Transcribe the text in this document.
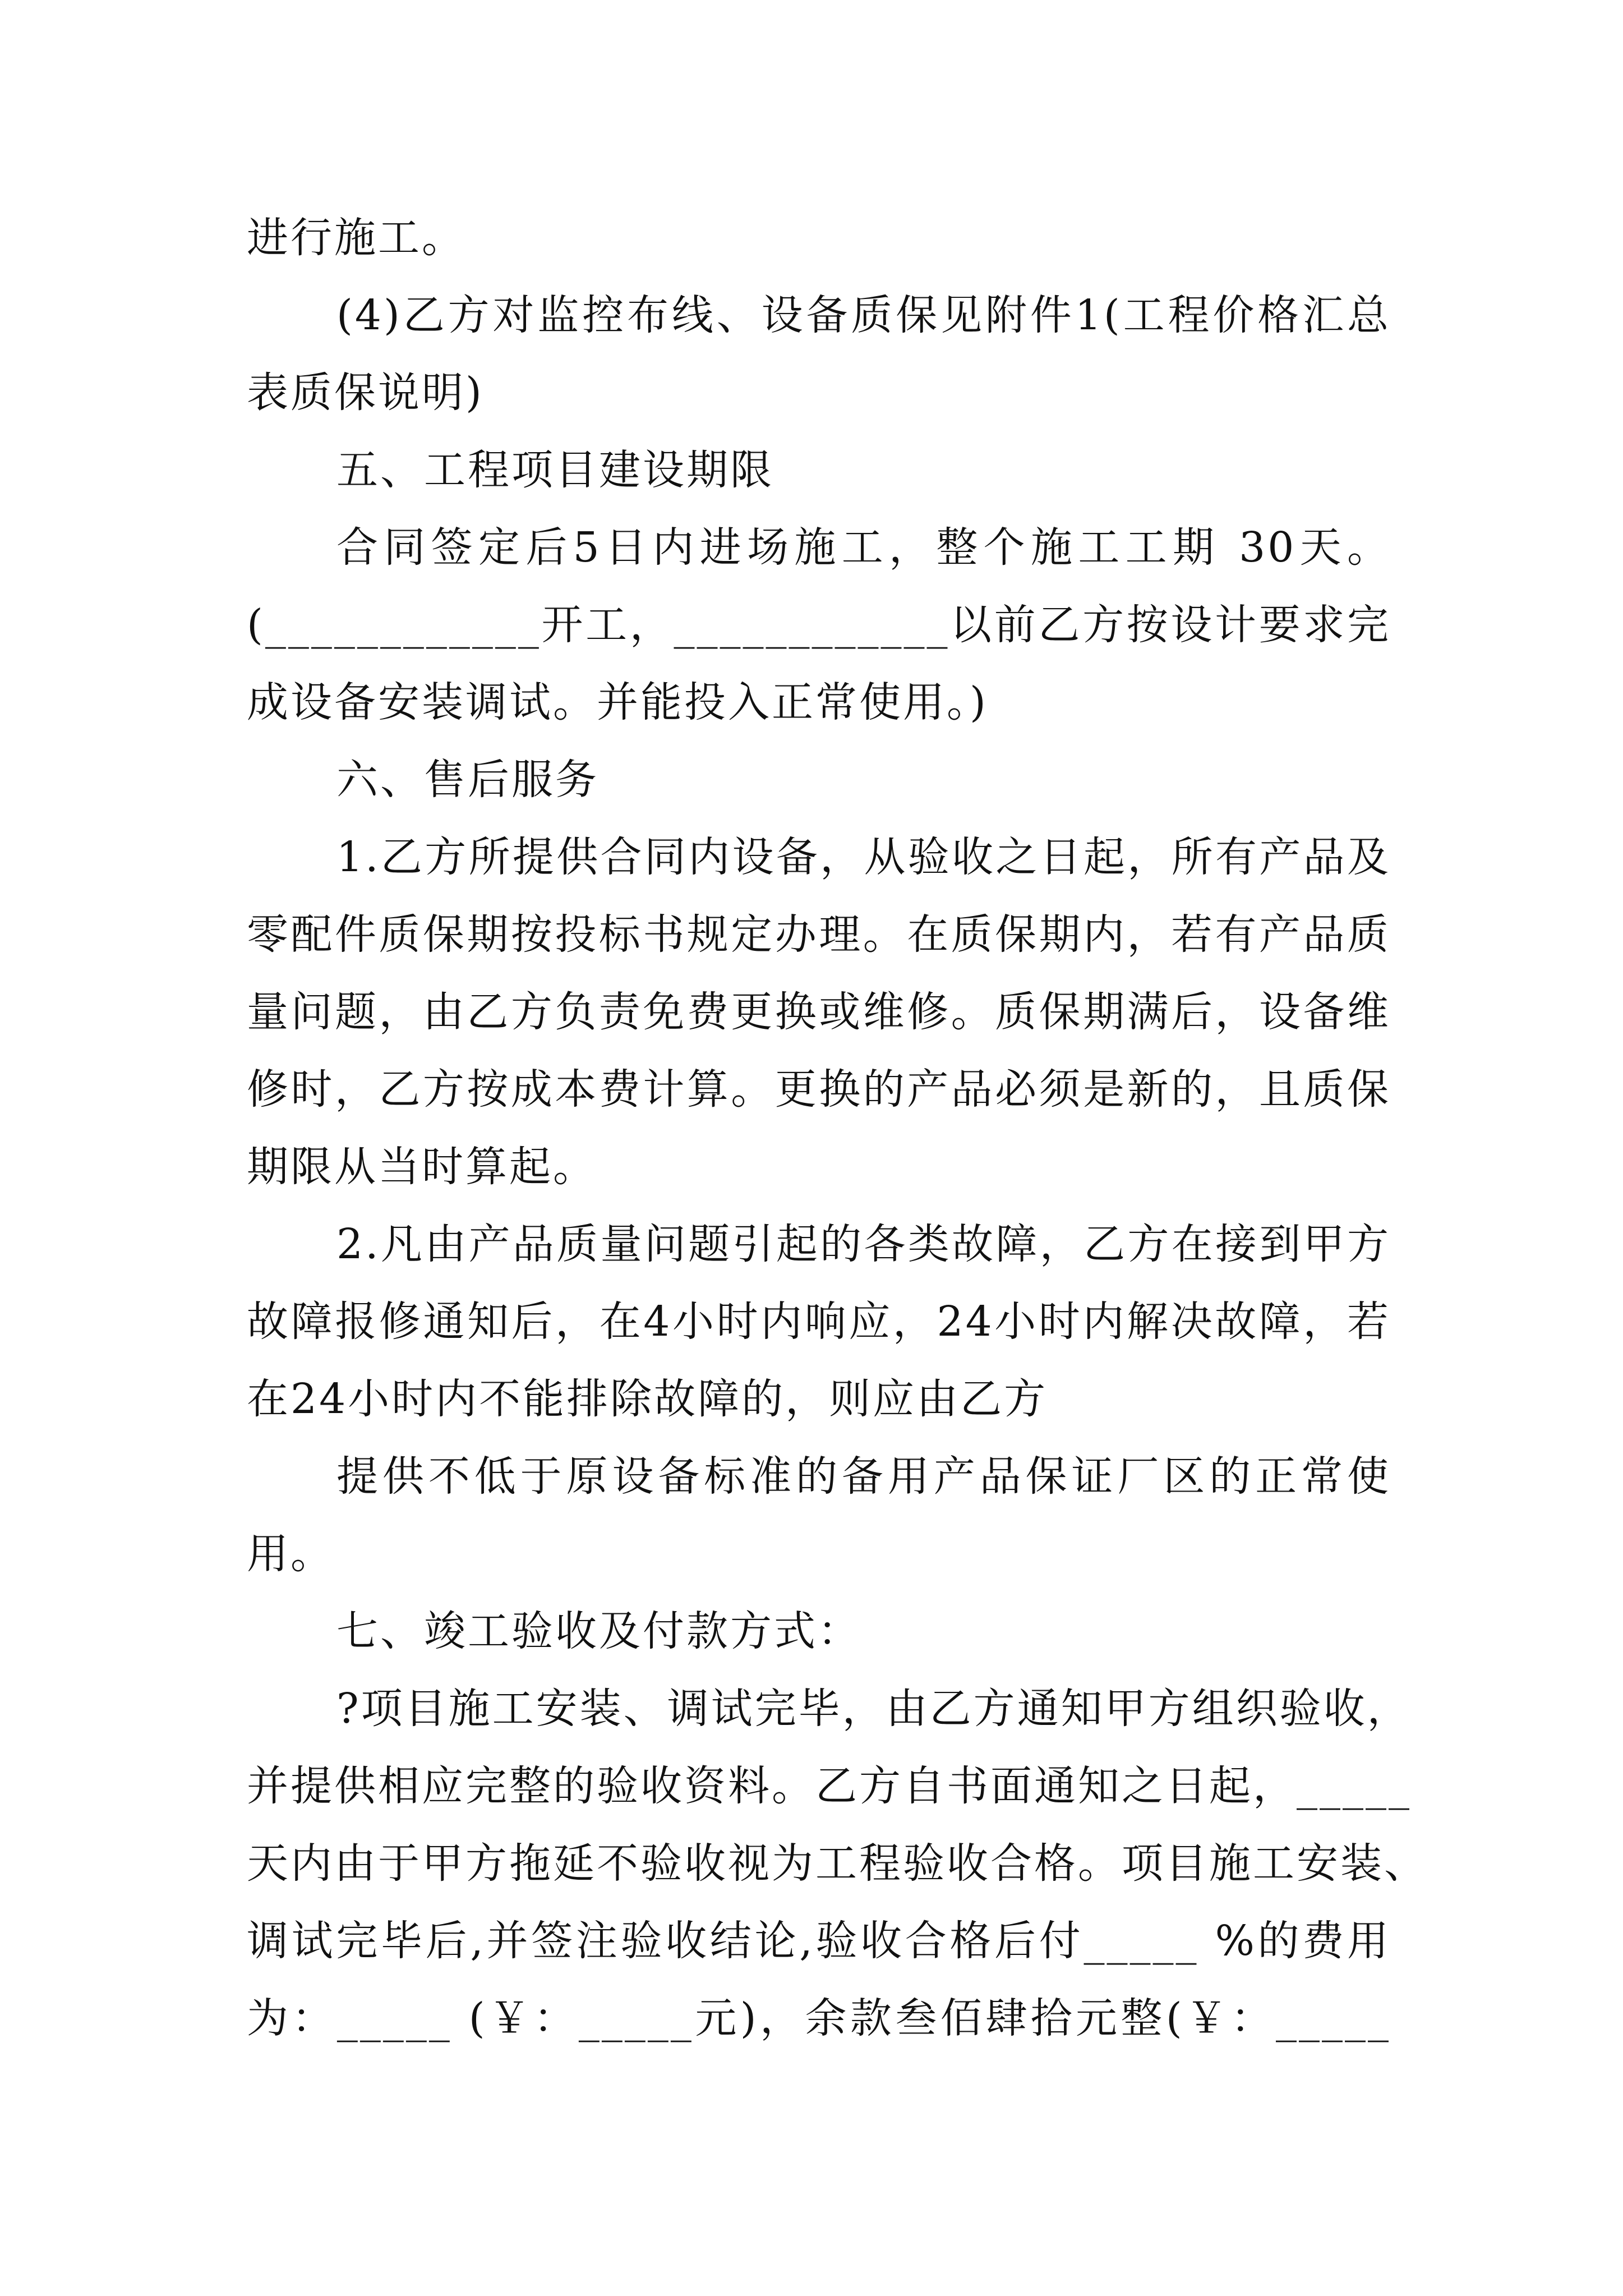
进行施工。
(4)乙方对监控布线、设备质保见附件1(工程价格汇总
表质保说明)
五、工程项目建设期限
合同签定后5日内进场施工，整个施工工期 30天。
(____________开工，____________以前乙方按设计要求完
成设备安装调试。并能投入正常使用。)
六、售后服务
1.乙方所提供合同内设备，从验收之日起，所有产品及
零配件质保期按投标书规定办理。在质保期内，若有产品质
量问题，由乙方负责免费更换或维修。质保期满后，设备维
修时，乙方按成本费计算。更换的产品必须是新的，且质保
期限从当时算起。
2.凡由产品质量问题引起的各类故障，乙方在接到甲方
故障报修通知后，在4小时内响应，24小时内解决故障，若
在24小时内不能排除故障的，则应由乙方
提供不低于原设备标准的备用产品保证厂区的正常使
用。
七、竣工验收及付款方式：
?项目施工安装、调试完毕，由乙方通知甲方组织验收，
并提供相应完整的验收资料。乙方自书面通知之日起，_____
天内由于甲方拖延不验收视为工程验收合格。项目施工安装、
调试完毕后,并签注验收结论,验收合格后付_____ %的费用
为：_____ (￥：_____元)，余款叁佰肆拾元整(￥：_____
